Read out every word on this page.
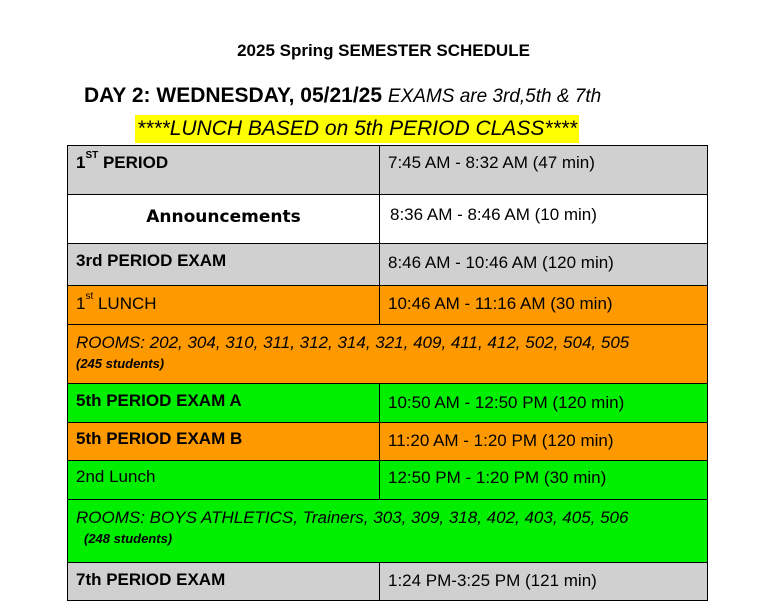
2025 Spring SEMESTER SCHEDULE
DAY 2: WEDNESDAY, 05/21/25 EXAMS are 3rd,5th & 7th
****LUNCH BASED on 5th PERIOD CLASS****
1ST PERIOD	7:45 AM - 8:32 AM (47 min)
Announcements	8:36 AM - 8:46 AM (10 min)
3rd PERIOD EXAM	8:46 AM - 10:46 AM (120 min)
1st LUNCH	10:46 AM - 11:16 AM (30 min)

ROOMS: 202, 304, 310, 311, 312, 314, 321, 409, 411, 412, 502, 504, 505
(245 students)	

5th PERIOD EXAM A	10:50 AM - 12:50 PM (120 min)
5th PERIOD EXAM B	11:20 AM - 1:20 PM (120 min)
2nd Lunch	12:50 PM - 1:20 PM (30 min)
ROOMS: BOYS ATHLETICS, Trainers, 303, 309, 318, 402, 403, 405, 506 (248 students)	
7th PERIOD EXAM	1:24 PM-3:25 PM (121 min)
